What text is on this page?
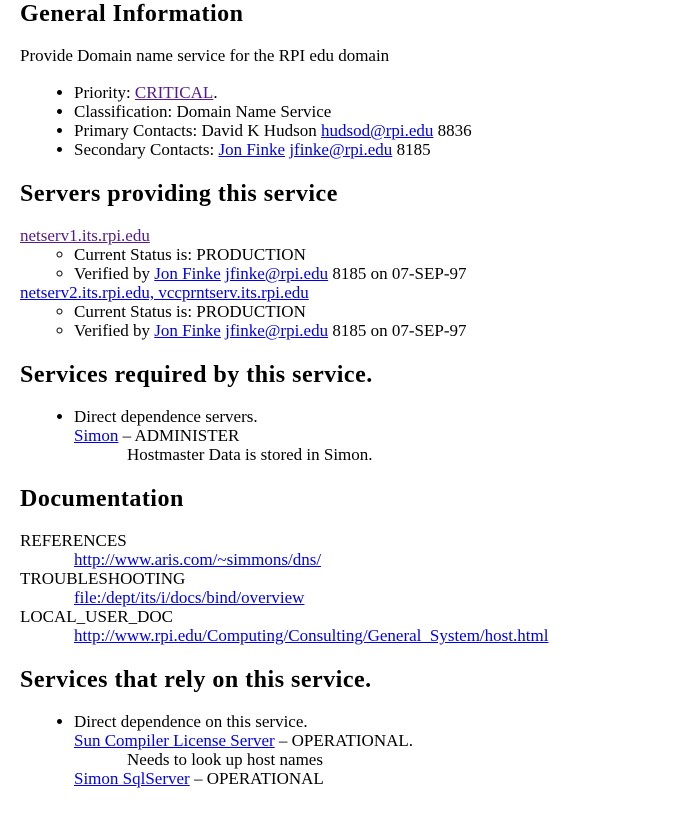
General Information

Provide Domain name service for the RPI edu domain

• Priority: CRITICAL.
• Classification: Domain Name Service
• Primary Contacts: David K Hudson hudsod@rpi.edu 8836
• Secondary Contacts: Jon Finke jfinke@rpi.edu 8185
Servers providing this service
netserv1.its.rpi.edu
◦ Current Status is: PRODUCTION
◦ Verified by Jon Finke jfinke@rpi.edu 8185 on 07-SEP-97
netserv2.its.rpi.edu, vccprntserv.its.rpi.edu
◦ Current Status is: PRODUCTION
◦ Verified by Jon Finke jfinke@rpi.edu 8185 on 07-SEP-97
Services required by this service.
• Direct dependence servers.
Simon – ADMINISTER
Hostmaster Data is stored in Simon.
Documentation
REFERENCES
http://www.aris.com/~simmons/dns/
TROUBLESHOOTING
file:/dept/its/i/docs/bind/overview
LOCAL_USER_DOC
http://www.rpi.edu/Computing/Consulting/General_System/host.html
Services that rely on this service.
• Direct dependence on this service.
Sun Compiler License Server – OPERATIONAL.
Needs to look up host names
Simon SqlServer – OPERATIONAL
